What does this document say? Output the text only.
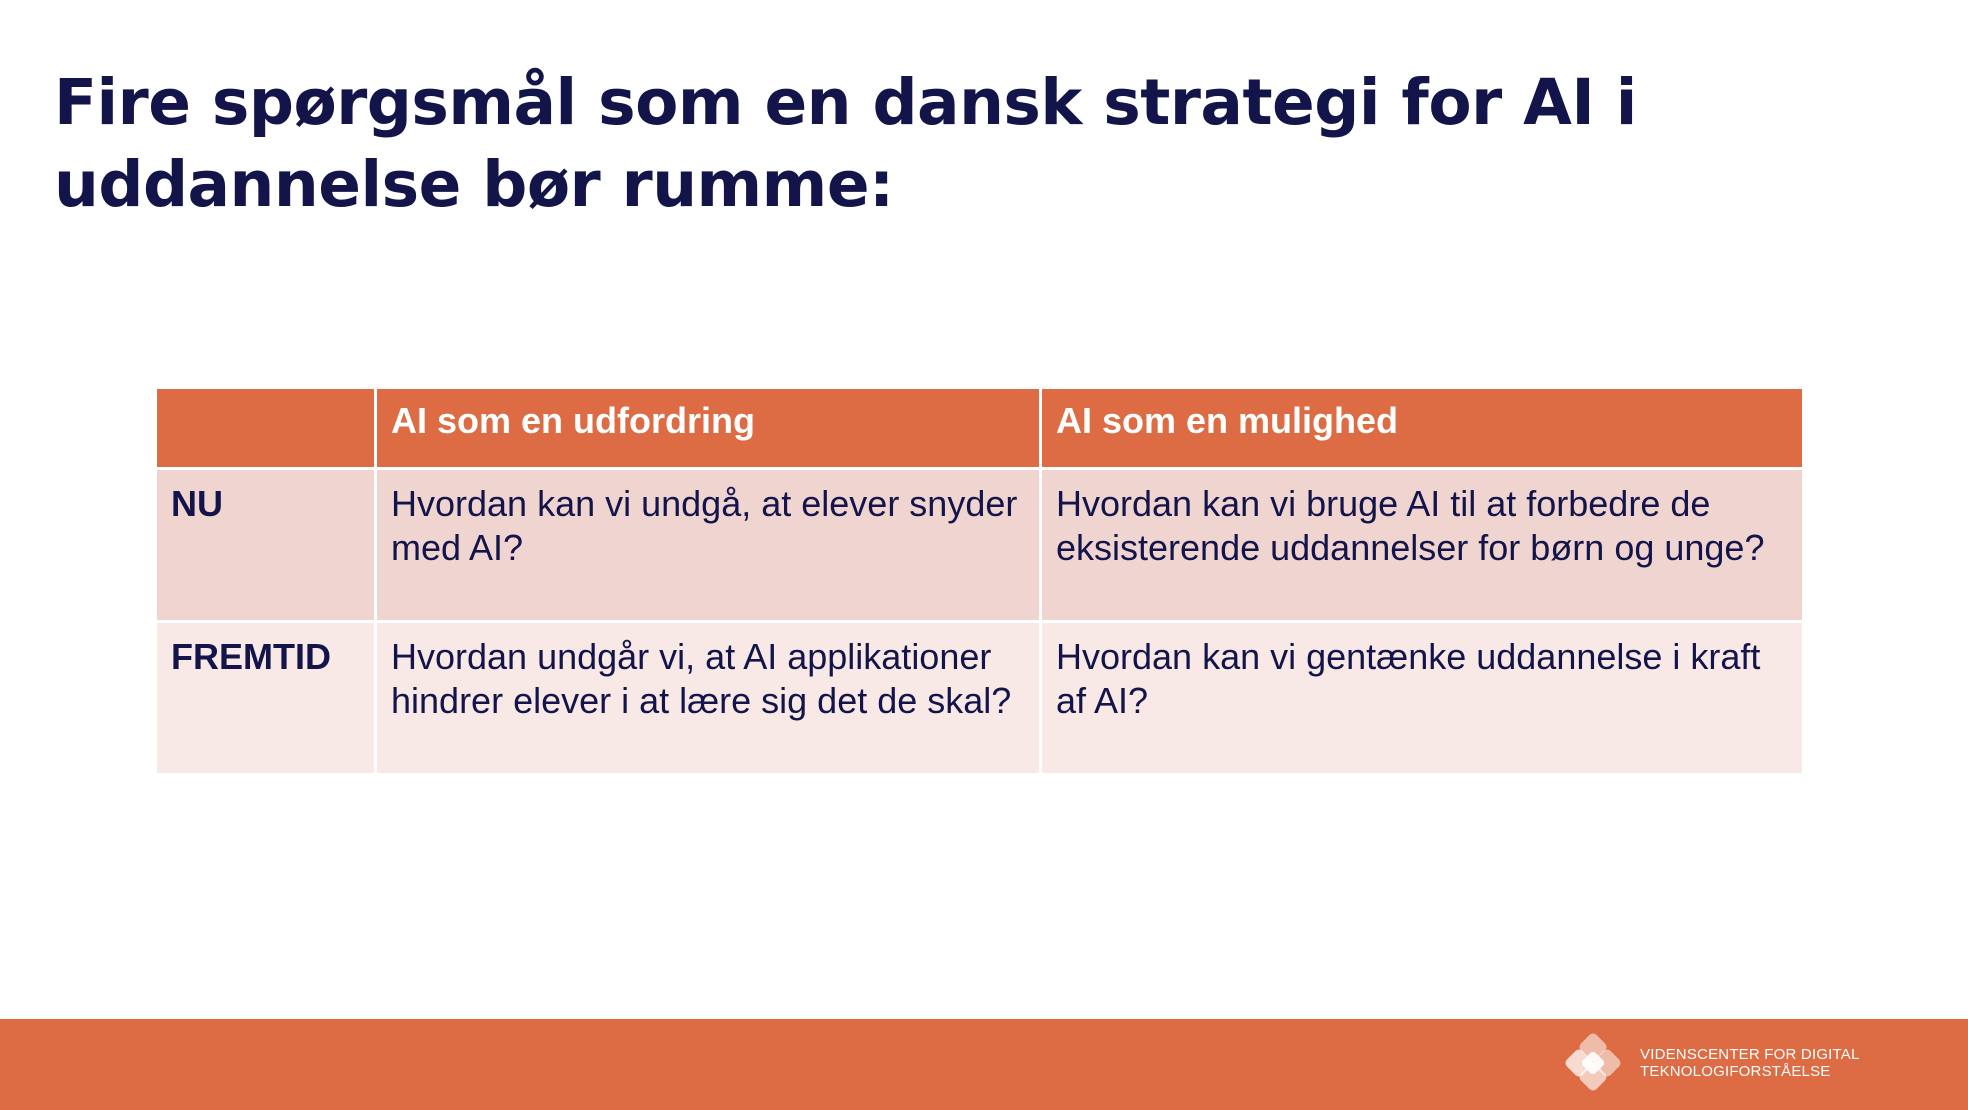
Fire spørgsmål som en dansk strategi for AI i uddannelse bør rumme:
	AI som en udfordring	AI som en mulighed
NU	Hvordan kan vi undgå, at elever snyder med AI?	Hvordan kan vi bruge AI til at forbedre de eksisterende uddannelser for børn og unge?
FREMTID	Hvordan undgår vi, at AI applikationer hindrer elever i at lære sig det de skal?	Hvordan kan vi gentænke uddannelse i kraft af AI?
VIDENSCENTER FOR DIGITAL
TEKNOLOGIFORSTÅELSE
